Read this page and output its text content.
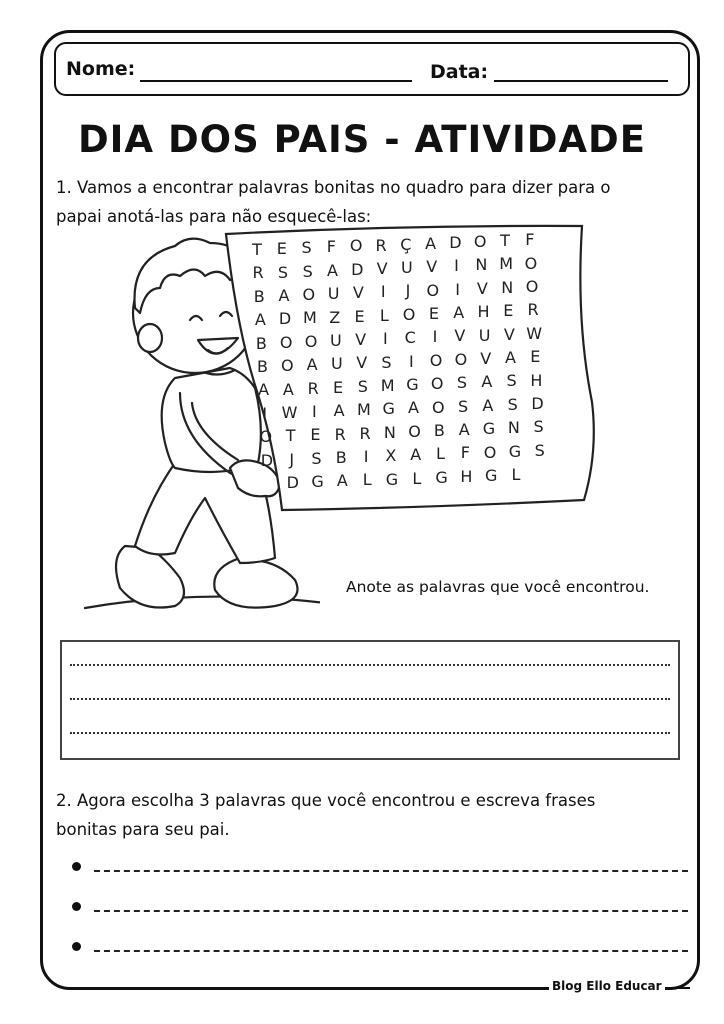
Nome:	Data:
DIA DOS PAIS - ATIVIDADE
1. Vamos a encontrar palavras bonitas no quadro para dizer para o
papai anotá-las para não esquecê-las:
T E S F O R Ç A D O T F
R S S A D V U V	I	N M O
B A O U V	I	J	O	I	V N O
A D M Z E L O E A H E R
B O O U V	I	C	I	V U V W
B O A U V S	I	O O V A E
A A R E S M G O S A S H
I W I	A M G A O S A S D
O T E R R N O B A G N S
D	J	S B	I	X A L F O G S
D G A L G L G H G L
Anote as palavras que você encontrou.
2. Agora escolha 3 palavras que você encontrou e escreva frases
bonitas para seu pai.
Blog Ello Educar
